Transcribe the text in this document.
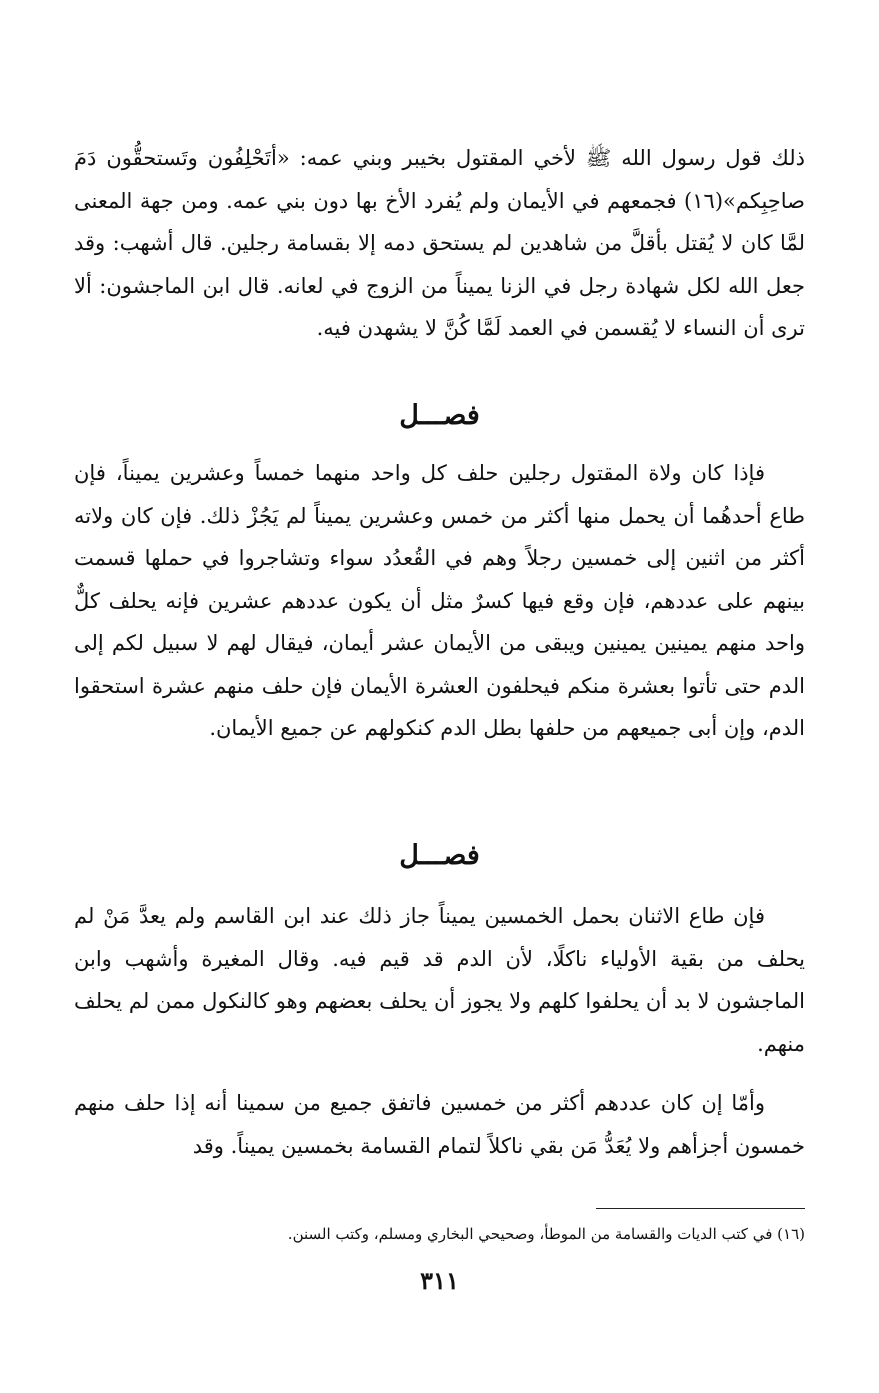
ذلك قول رسول الله ﷺ لأخي المقتول بخيبر وبني عمه: «أتَحْلِفُون وتَستحقُّون دَمَ صاحِبِكم»(١٦) فجمعهم في الأيمان ولم يُفرد الأخ بها دون بني عمه. ومن جهة المعنى لمَّا كان لا يُقتل بأقلَّ من شاهدين لم يستحق دمه إلا بقسامة رجلين. قال أشهب: وقد جعل الله لكل شهادة رجل في الزنا يميناً من الزوج في لعانه. قال ابن الماجشون: ألا ترى أن النساء لا يُقسمن في العمد لَمَّا كُنَّ لا يشهدن فيه.

فصـــل

فإذا كان ولاة المقتول رجلين حلف كل واحد منهما خمساً وعشرين يميناً، فإن طاع أحدهُما أن يحمل منها أكثر من خمس وعشرين يميناً لم يَجُزْ ذلك. فإن كان ولاته أكثر من اثنين إلى خمسين رجلاً وهم في القُعدُد سواء وتشاجروا في حملها قسمت بينهم على عددهم، فإن وقع فيها كسرٌ مثل أن يكون عددهم عشرين فإنه يحلف كلٌّ واحد منهم يمينين يمينين ويبقى من الأيمان عشر أيمان، فيقال لهم لا سبيل لكم إلى الدم حتى تأتوا بعشرة منكم فيحلفون العشرة الأيمان فإن حلف منهم عشرة استحقوا الدم، وإن أبى جميعهم من حلفها بطل الدم كنكولهم عن جميع الأيمان.

فصـــل

فإن طاع الاثنان بحمل الخمسين يميناً جاز ذلك عند ابن القاسم ولم يعدَّ مَنْ لم يحلف من بقية الأولياء ناكلًا، لأن الدم قد قيم فيه. وقال المغيرة وأشهب وابن الماجشون لا بد أن يحلفوا كلهم ولا يجوز أن يحلف بعضهم وهو كالنكول ممن لم يحلف منهم.

وأمّا إن كان عددهم أكثر من خمسين فاتفق جميع من سمينا أنه إذا حلف منهم خمسون أجزأهم ولا يُعَدُّ مَن بقي ناكلاً لتمام القسامة بخمسين يميناً. وقد

(١٦) في كتب الديات والقسامة من الموطأ، وصحيحي البخاري ومسلم، وكتب السنن.

٣١١
